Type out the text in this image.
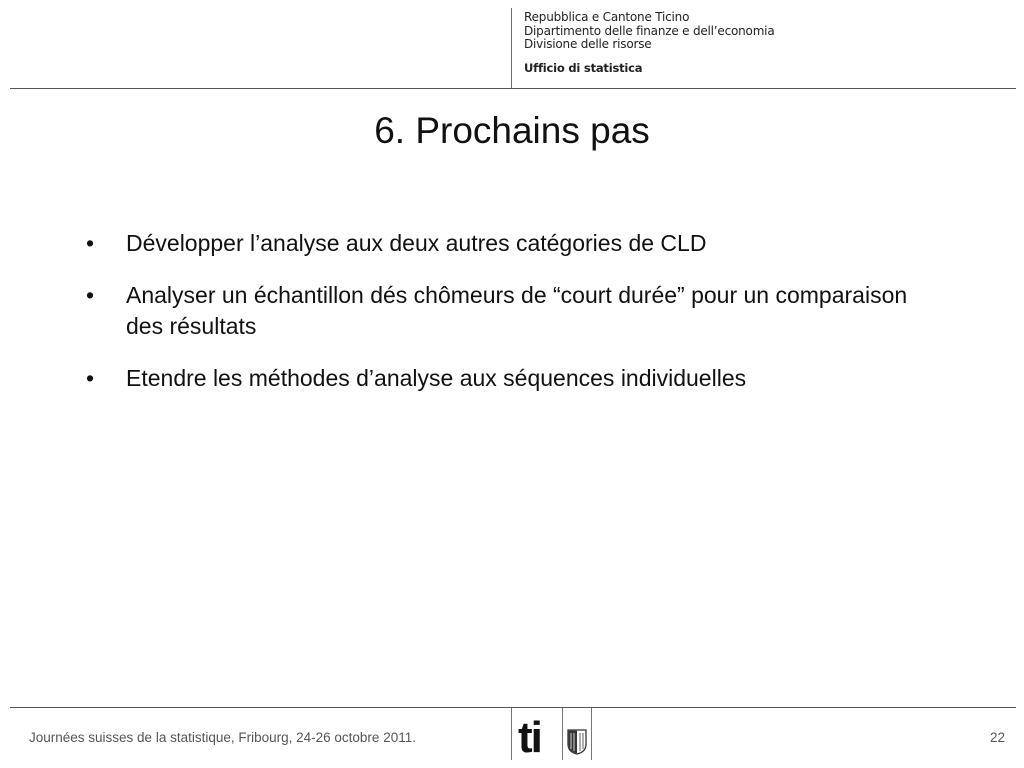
Repubblica e Cantone Ticino
Dipartimento delle finanze e dell’economia
Divisione delle risorse
Ufficio di statistica
6. Prochains pas
• Développer l’analyse aux deux autres catégories de CLD
• Analyser un échantillon dés chômeurs de “court durée” pour un comparaison des résultats
• Etendre les méthodes d’analyse aux séquences individuelles
Journées suisses de la statistique, Fribourg, 24-26 octobre 2011. ti	22
